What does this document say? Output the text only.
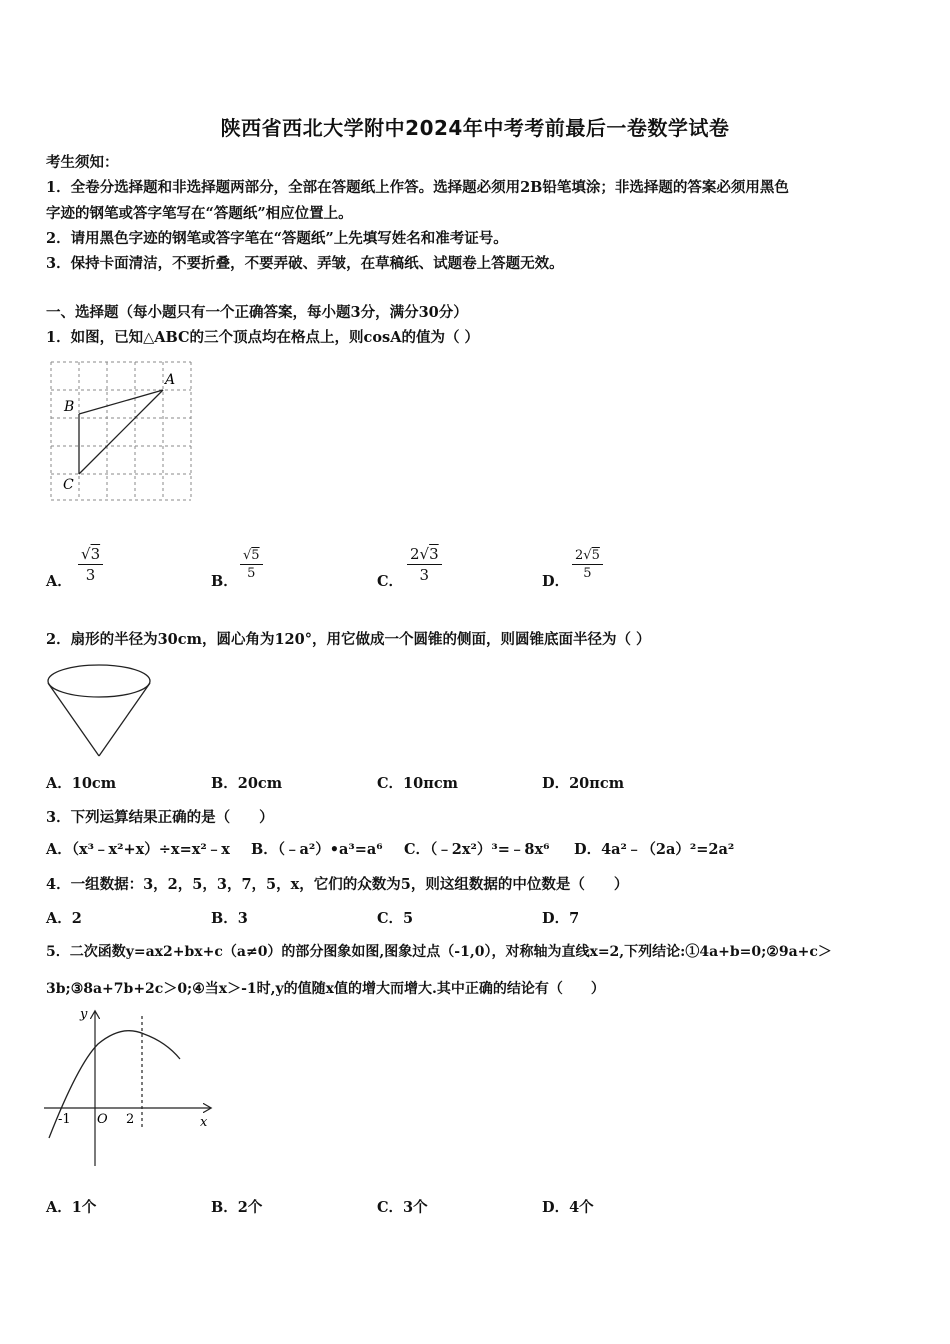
陕西省西北大学附中2024年中考考前最后一卷数学试卷
考生须知：
1．全卷分选择题和非选择题两部分，全部在答题纸上作答。选择题必须用2B铅笔填涂；非选择题的答案必须用黑色
字迹的钢笔或答字笔写在“答题纸”相应位置上。
2．请用黑色字迹的钢笔或答字笔在“答题纸”上先填写姓名和准考证号。
3．保持卡面清洁，不要折叠，不要弄破、弄皱，在草稿纸、试题卷上答题无效。
一、选择题（每小题只有一个正确答案，每小题3分，满分30分）
1．如图，已知△ABC的三个顶点均在格点上，则cosA的值为（ ）
A
B
C
A．
√3
3	B．
√5
5	C．
2√3
3	D．
2√5
5
2．扇形的半径为30cm，圆心角为120°，用它做成一个圆锥的侧面，则圆锥底面半径为（ ）
A．10cm	B．20cm	C．10πcm	D．20πcm
3．下列运算结果正确的是（　　）
A．（x³﹣x²+x）÷x=x²﹣x B．（﹣a²）•a³=a⁶ C．（﹣2x²）³=﹣8x⁶ D．4a²﹣（2a）²=2a²
4．一组数据：3，2，5，3，7，5，x，它们的众数为5，则这组数据的中位数是（　　）
A．2	B．3	C．5	D．7
5．二次函数y=ax2+bx+c（a≠0）的部分图象如图,图象过点（-1,0），对称轴为直线x=2,下列结论:①4a+b=0;②9a+c＞
3b;③8a+7b+2c＞0;④当x＞-1时,y的值随x值的增大而增大.其中正确的结论有（　　）
y
x
O
-1	2
A．1个	B．2个	C．3个	D．4个
